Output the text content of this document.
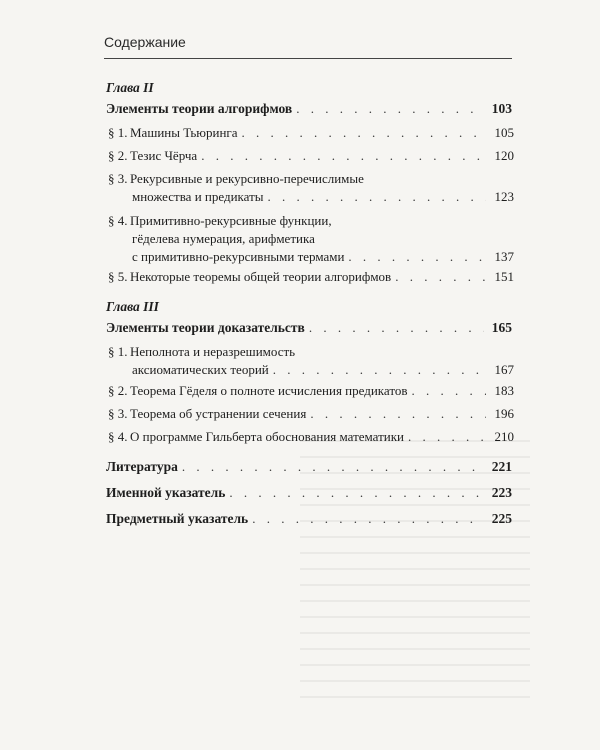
Содержание
Глава II
Элементы теории алгорифмов . . .	103
§ 1. Машины Тьюринга . . .	105
§ 2. Тезис Чёрча . . .	120
§ 3. Рекурсивные и рекурсивно-перечислимые
множества и предикаты . . .	123
§ 4. Примитивно-рекурсивные функции,
гёделева нумерация, арифметика
с примитивно-рекурсивными термами . . .	137
§ 5. Некоторые теоремы общей теории алгорифмов . . .	151
Глава III
Элементы теории доказательств . . .	165
§ 1. Неполнота и неразрешимость
аксиоматических теорий . . .	167
§ 2. Теорема Гёделя о полноте исчисления предикатов . . .	183
§ 3. Теорема об устранении сечения . . .	196
§ 4. О программе Гильберта обоснования математики . . .	210
Литература . . .	221
Именной указатель . . .	223
Предметный указатель . . .	225
